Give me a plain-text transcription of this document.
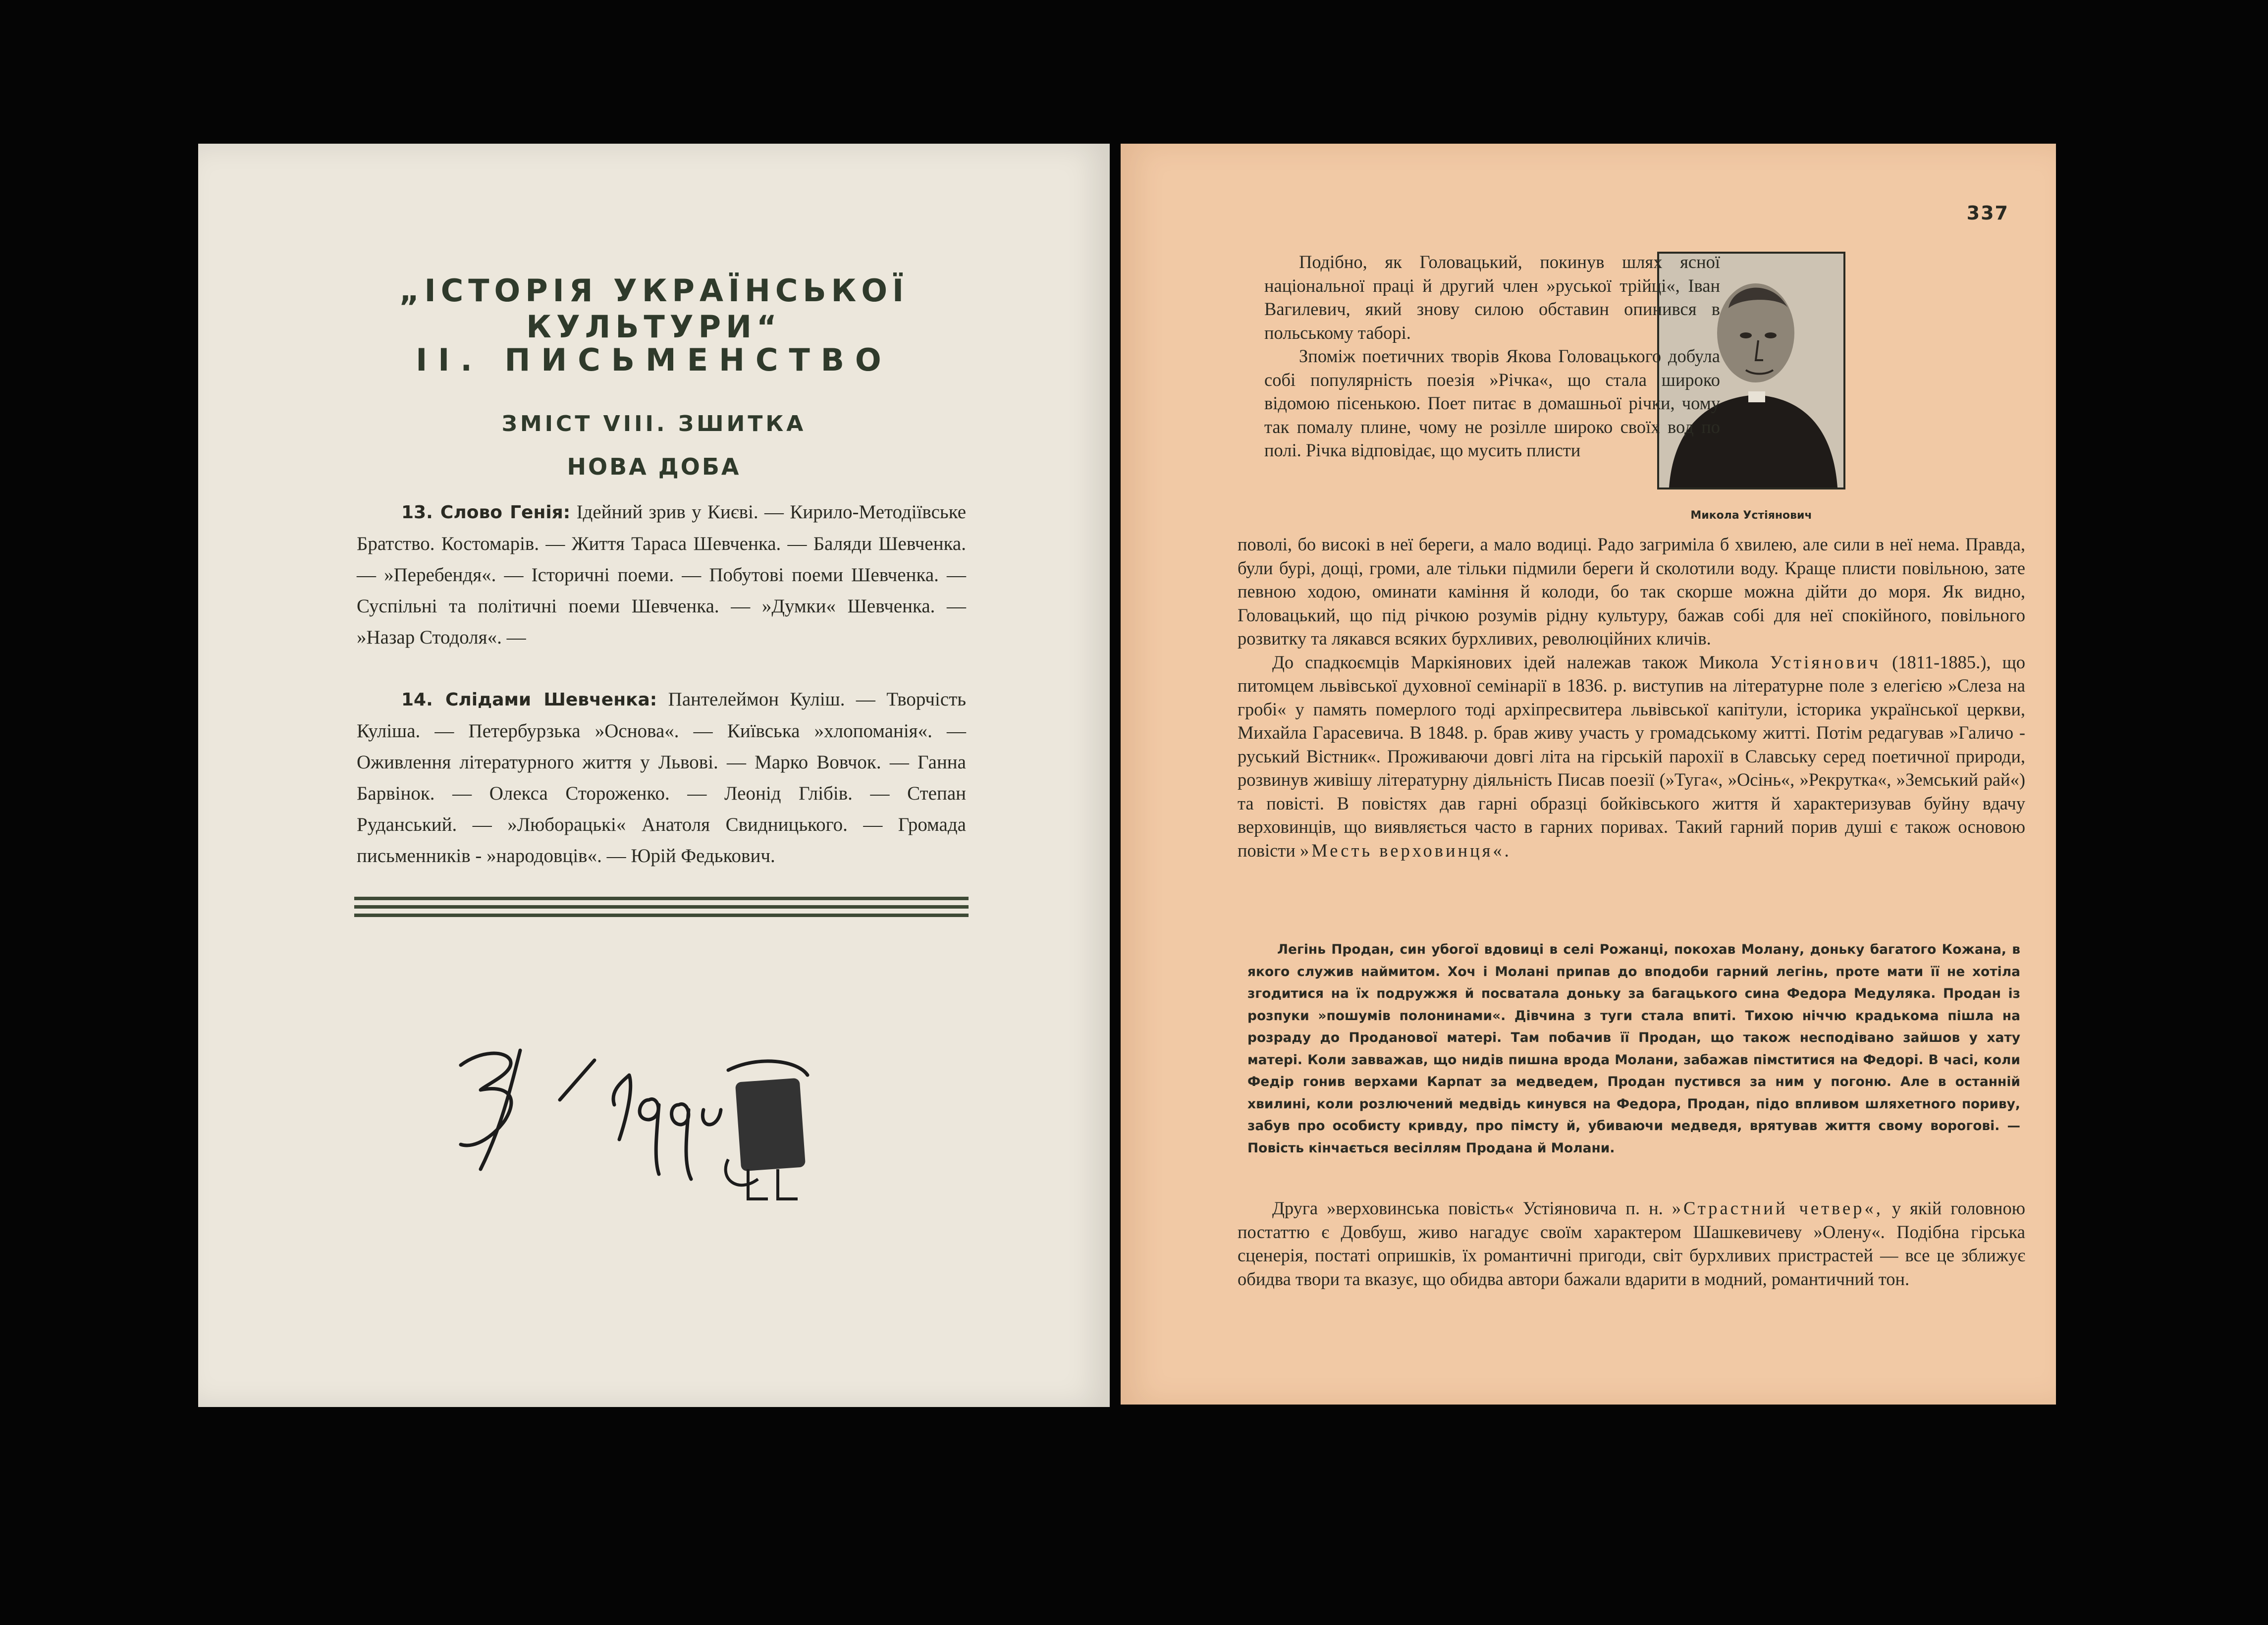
„ІСТОРІЯ УКРАЇНСЬКОЇ КУЛЬТУРИ“
II. ПИСЬМЕНСТВО
ЗМІСТ VIII. ЗШИТКА
НОВА ДОБА
13. Слово Генія: Ідейний зрив у Києві. — Кирило-Методіївське Братство. Костомарів. — Життя Тараса Шевченка. — Баляди Шевченка. — »Перебендя«. — Історичні поеми. — Побутові поеми Шевченка. — Суспільні та політичні поеми Шевченка. — »Думки« Шевченка. — »Назар Стодоля«. —
14. Слідами Шевченка: Пантелеймон Куліш. — Творчість Куліша. — Петербурзька »Основа«. — Київська »хлопоманія«. — Оживлення літературного життя у Львові. — Марко Вовчок. — Ганна Барвінок. — Олекса Стороженко. — Леонід Глібів. — Степан Руданський. — »Люборацькі« Анатоля Свидницького. — Громада письменників - »народовців«. — Юрій Федькович.
337
Микола Устіянович

Подібно, як Головацький, покинув шлях ясної національної праці й другий член »руської трійці«, Іван Вагилевич, який знову силою обставин опинився в польському таборі.

Зпоміж поетичних творів Якова Головацького добула собі популярність поезія »Річка«, що стала широко відомою пісенькою. Поет питає в домашньої річки, чому так помалу плине, чому не розілле широко своїх вод по полі. Річка відповідає, що мусить плисти

поволі, бо високі в неї береги, а мало водиці. Радо загриміла б хвилею, але сили в неї нема. Правда, були бурі, дощі, громи, але тільки підмили береги й сколотили воду. Краще плисти повільною, зате певною ходою, оминати каміння й колоди, бо так скорше можна дійти до моря. Як видно, Головацький, що під річкою розумів рідну культуру, бажав собі для неї спокійного, повільного розвитку та лякався всяких бурхливих, революційних кличів.

До спадкоємців Маркіянових ідей належав також Микола Устіянович (1811-1885.), що питомцем львівської духовної семінарії в 1836. р. виступив на літературне поле з елегією »Слеза на гробі« у память померлого тоді архіпресвитера львівської капітули, історика української церкви, Михайла Гарасевича. В 1848. р. брав живу участь у громадському житті. Потім редагував »Галичо - руський Вістник«. Проживаючи довгі літа на гірській парохії в Славську серед поетичної природи, розвинув живішу літературну діяльність Писав поезії (»Туга«, »Осінь«, »Рекрутка«, »Земський рай«) та повісті. В повістях дав гарні образці бойківського життя й характеризував буйну вдачу верховинців, що виявляється часто в гарних поривах. Такий гарний порив душі є також основою повісти »Месть верховинця«.

Легінь Продан, син убогої вдовиці в селі Рожанці, покохав Молану, доньку багатого Кожана, в якого служив наймитом. Хоч і Молані припав до вподоби гарний легінь, проте мати її не хотіла згодитися на їх подружжя й посватала доньку за багацького сина Федора Медуляка. Продан із розпуки »пошумів полонинами«. Дівчина з туги стала впиті. Тихою ніччю крадькома пішла на розраду до Проданової матері. Там побачив її Продан, що також несподівано зайшов у хату матері. Коли завважав, що нидів пишна врода Молани, забажав пімститися на Федорі. В часі, коли Федір гонив верхами Карпат за медведем, Продан пустився за ним у погоню. Але в останній хвилині, коли розлючений медвідь кинувся на Федора, Продан, підо впливом шляхетного пориву, забув про особисту кривду, про пімсту й, убиваючи медведя, врятував життя свому ворогові. — Повість кінчається весіллям Продана й Молани.

Друга »верховинська повість« Устіяновича п. н. »Страстний четвер«, у якій головною постаттю є Довбуш, живо нагадує своїм характером Шашкевичеву »Олену«. Подібна гірська сценерія, постаті опришків, їх романтичні пригоди, світ бурхливих пристрастей — все це зближує обидва твори та вказує, що обидва автори бажали вдарити в модний, романтичний тон.
